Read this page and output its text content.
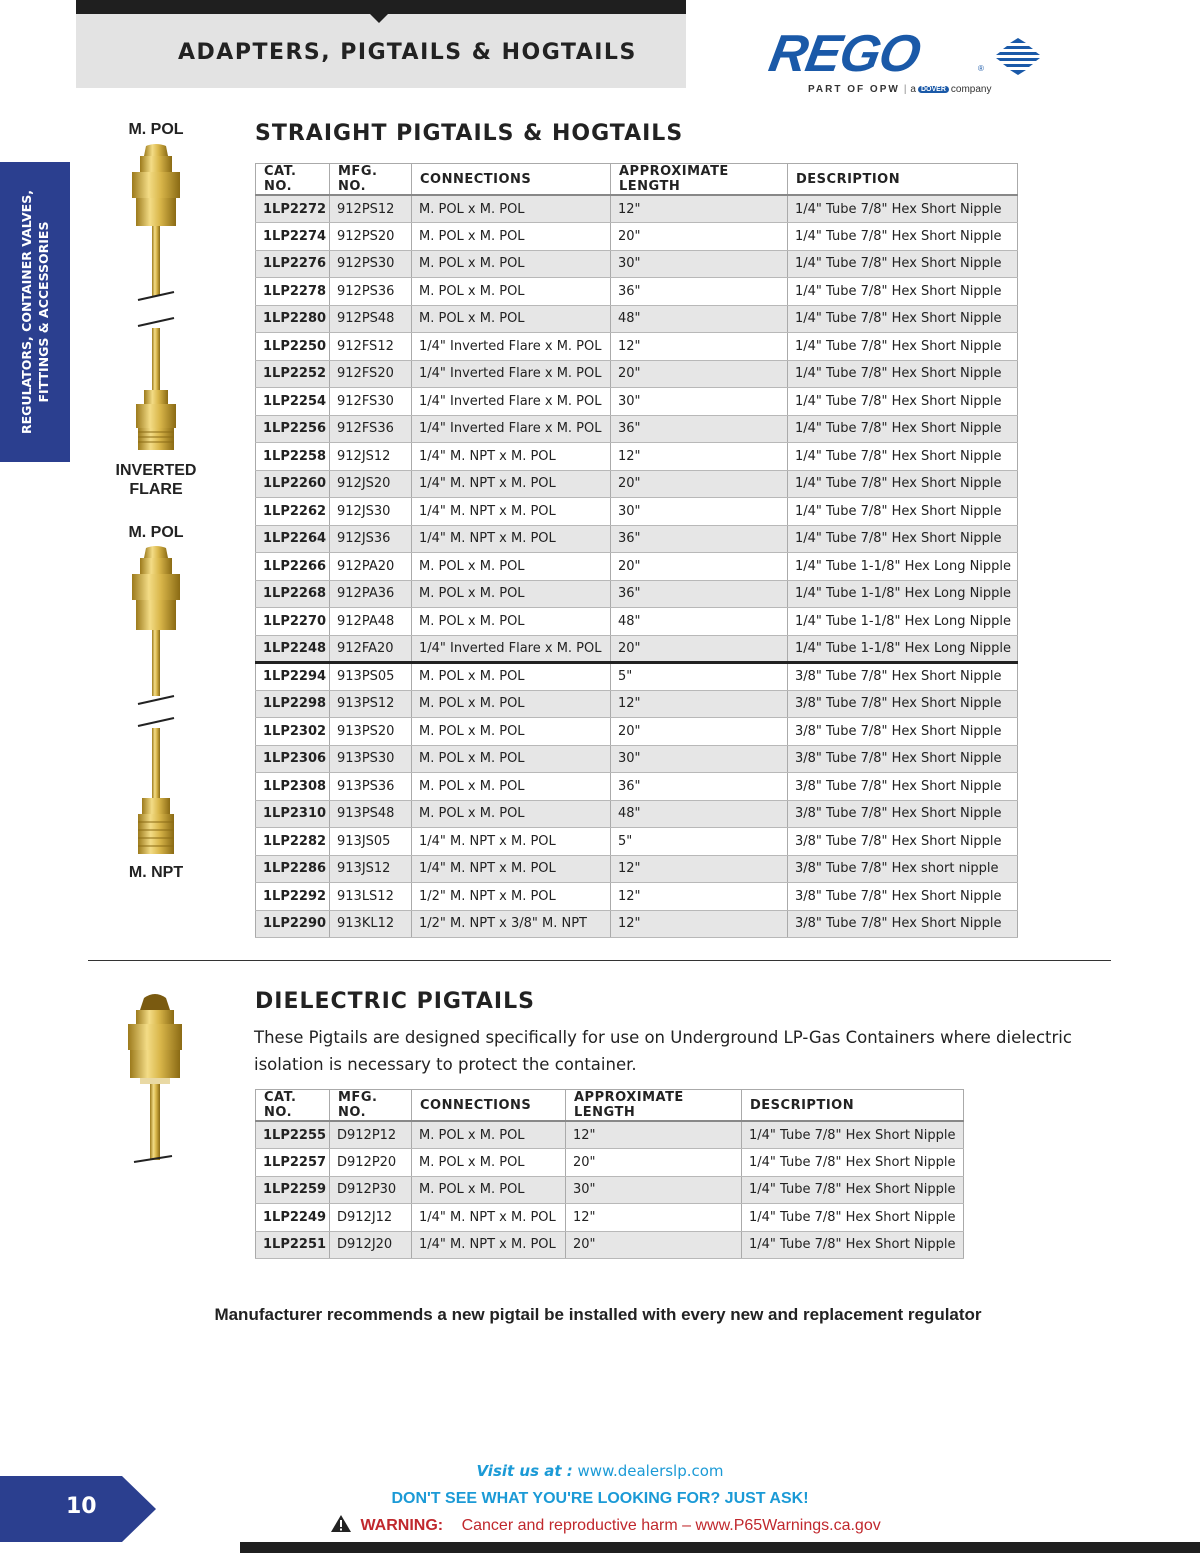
ADAPTERS, PIGTAILS & HOGTAILS REGO	®
PART OF OPW | a DOVER company
REGULATORS, CONTAINER VALVES, FITTINGS & ACCESSORIES
M. POL
INVERTED
FLARE
M. POL
M. NPT
STRAIGHT PIGTAILS & HOGTAILS
CAT. NO.	MFG. NO.	CONNECTIONS	APPROXIMATE LENGTH	DESCRIPTION
1LP2272	912PS12	M. POL x M. POL	12"	1/4" Tube 7/8" Hex Short Nipple
1LP2274	912PS20	M. POL x M. POL	20"	1/4" Tube 7/8" Hex Short Nipple
1LP2276	912PS30	M. POL x M. POL	30"	1/4" Tube 7/8" Hex Short Nipple
1LP2278	912PS36	M. POL x M. POL	36"	1/4" Tube 7/8" Hex Short Nipple
1LP2280	912PS48	M. POL x M. POL	48"	1/4" Tube 7/8" Hex Short Nipple
1LP2250	912FS12	1/4" Inverted Flare x M. POL	12"	1/4" Tube 7/8" Hex Short Nipple
1LP2252	912FS20	1/4" Inverted Flare x M. POL	20"	1/4" Tube 7/8" Hex Short Nipple
1LP2254	912FS30	1/4" Inverted Flare x M. POL	30"	1/4" Tube 7/8" Hex Short Nipple
1LP2256	912FS36	1/4" Inverted Flare x M. POL	36"	1/4" Tube 7/8" Hex Short Nipple
1LP2258	912JS12	1/4" M. NPT x M. POL	12"	1/4" Tube 7/8" Hex Short Nipple
1LP2260	912JS20	1/4" M. NPT x M. POL	20"	1/4" Tube 7/8" Hex Short Nipple
1LP2262	912JS30	1/4" M. NPT x M. POL	30"	1/4" Tube 7/8" Hex Short Nipple
1LP2264	912JS36	1/4" M. NPT x M. POL	36"	1/4" Tube 7/8" Hex Short Nipple
1LP2266	912PA20	M. POL x M. POL	20"	1/4" Tube 1-1/8" Hex Long Nipple
1LP2268	912PA36	M. POL x M. POL	36"	1/4" Tube 1-1/8" Hex Long Nipple
1LP2270	912PA48	M. POL x M. POL	48"	1/4" Tube 1-1/8" Hex Long Nipple
1LP2248	912FA20	1/4" Inverted Flare x M. POL	20"	1/4" Tube 1-1/8" Hex Long Nipple
1LP2294	913PS05	M. POL x M. POL	5"	3/8" Tube 7/8" Hex Short Nipple
1LP2298	913PS12	M. POL x M. POL	12"	3/8" Tube 7/8" Hex Short Nipple
1LP2302	913PS20	M. POL x M. POL	20"	3/8" Tube 7/8" Hex Short Nipple
1LP2306	913PS30	M. POL x M. POL	30"	3/8" Tube 7/8" Hex Short Nipple
1LP2308	913PS36	M. POL x M. POL	36"	3/8" Tube 7/8" Hex Short Nipple
1LP2310	913PS48	M. POL x M. POL	48"	3/8" Tube 7/8" Hex Short Nipple
1LP2282	913JS05	1/4" M. NPT x M. POL	5"	3/8" Tube 7/8" Hex Short Nipple
1LP2286	913JS12	1/4" M. NPT x M. POL	12"	3/8" Tube 7/8" Hex short nipple
1LP2292	913LS12	1/2" M. NPT x M. POL	12"	3/8" Tube 7/8" Hex Short Nipple
1LP2290	913KL12	1/2" M. NPT x 3/8" M. NPT	12"	3/8" Tube 7/8" Hex Short Nipple
DIELECTRIC PIGTAILS
These Pigtails are designed specifically for use on Underground LP-Gas Containers where dielectric isolation is necessary to protect the container.
CAT. NO.	MFG. NO.	CONNECTIONS	APPROXIMATE LENGTH	DESCRIPTION
1LP2255	D912P12	M. POL x M. POL	12"	1/4" Tube 7/8" Hex Short Nipple
1LP2257	D912P20	M. POL x M. POL	20"	1/4" Tube 7/8" Hex Short Nipple
1LP2259	D912P30	M. POL x M. POL	30"	1/4" Tube 7/8" Hex Short Nipple
1LP2249	D912J12	1/4" M. NPT x M. POL	12"	1/4" Tube 7/8" Hex Short Nipple
1LP2251	D912J20	1/4" M. NPT x M. POL	20"	1/4" Tube 7/8" Hex Short Nipple
Manufacturer recommends a new pigtail be installed with every new and replacement regulator
10
Visit us at : www.dealerslp.com
DON'T SEE WHAT YOU'RE LOOKING FOR? JUST ASK!
WARNING: Cancer and reproductive harm – www.P65Warnings.ca.gov
